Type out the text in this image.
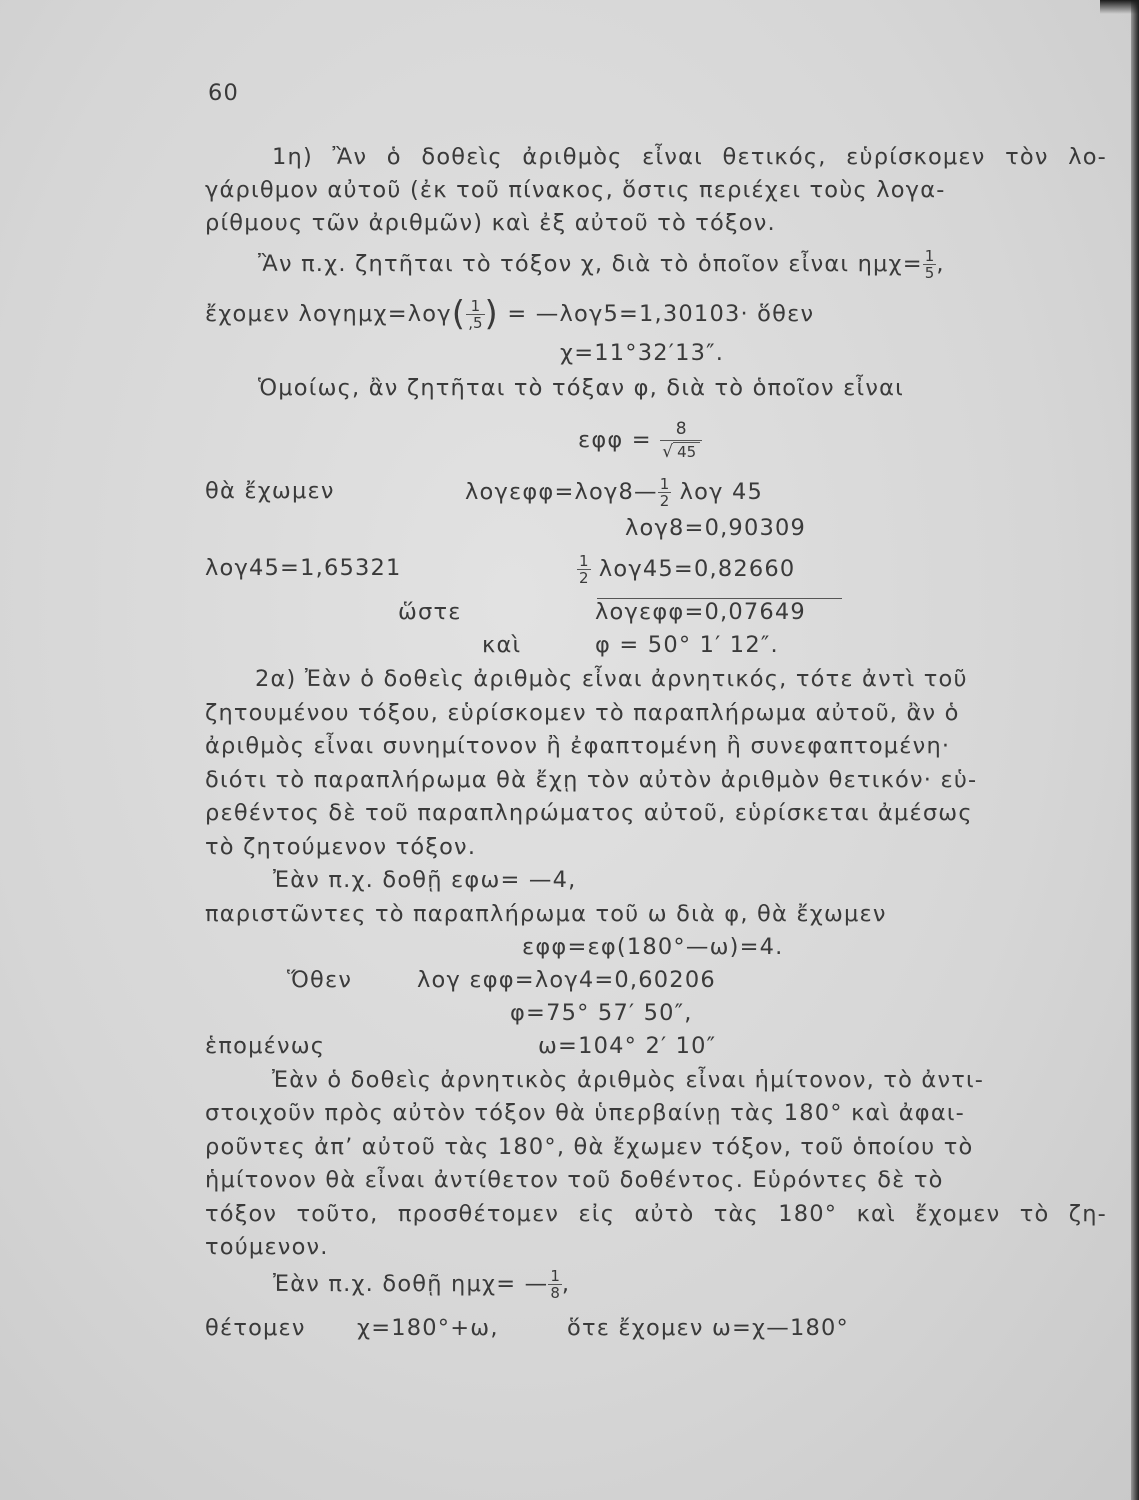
60
1η) Ἂν ὁ δοθεὶς ἀριθμὸς εἶναι θετικός, εὑρίσκομεν τὸν λο-
γάριθμον αὐτοῦ (ἐκ τοῦ πίνακος, ὅστις περιέχει τοὺς λογα-
ρίθμους τῶν ἀριθμῶν) καὶ ἐξ αὐτοῦ τὸ τόξον.
Ἂν π.χ. ζητῆται τὸ τόξον χ, διὰ τὸ ὁποῖον εἶναι $\eta\mu\chi= \frac{1}{5}$ ,
ἔχομεν $\lambda o\gamma\eta\mu\chi=\lambda o\gamma( \frac{1}{,5}$ ) = —λογ5=1,30103· ὅθεν
χ=11°32′13″.
Ὁμοίως, ἂν ζητῆται τὸ τόξαν φ, διὰ τὸ ὁποῖον εἶναι
$\varepsilon\varphi\varphi = \frac{8}{√ 45}$
θὰ ἔχωμεν	λογεφφ=λογ8— $\frac{1}{2}$ λογ 45
λογ8=0,90309
λογ45=1,65321	$\frac{1}{2} \lambda o\gamma 45=0,82660$
ὥστε	λογεφφ=0,07649
καὶ	φ = 50° 1′ 12″.
2α) Ἐὰν ὁ δοθεὶς ἀριθμὸς εἶναι ἀρνητικός, τότε ἀντὶ τοῦ
ζητουμένου τόξου, εὑρίσκομεν τὸ παραπλήρωμα αὐτοῦ, ἂν ὁ
ἀριθμὸς εἶναι συνημίτονον ἢ ἐφαπτομένη ἢ συνεφαπτομένη·
διότι τὸ παραπλήρωμα θὰ ἔχῃ τὸν αὐτὸν ἀριθμὸν θετικόν· εὑ-
ρεθέντος δὲ τοῦ παραπληρώματος αὐτοῦ, εὑρίσκεται ἀμέσως
τὸ ζητούμενον τόξον.
Ἐὰν π.χ. δοθῇ εφω= —4,
παριστῶντες τὸ παραπλήρωμα τοῦ ω διὰ φ, θὰ ἔχωμεν
εφφ=εφ(180°—ω)=4.
Ὅθεν	λογ εφφ=λογ4=0,60206
φ=75° 57′ 50″,
ἑπομένως	ω=104° 2′ 10″
Ἐὰν ὁ δοθεὶς ἀρνητικὸς ἀριθμὸς εἶναι ἡμίτονον, τὸ ἀντι-
στοιχοῦν πρὸς αὐτὸν τόξον θὰ ὑπερβαίνῃ τὰς 180° καὶ ἀφαι-
ροῦντες ἀπ’ αὐτοῦ τὰς 180°, θὰ ἔχωμεν τόξον, τοῦ ὁποίου τὸ
ἡμίτονον θὰ εἶναι ἀντίθετον τοῦ δοθέντος. Εὑρόντες δὲ τὸ
τόξον τοῦτο, προσθέτομεν εἰς αὐτὸ τὰς 180° καὶ ἔχομεν τὸ ζη-
τούμενον.
Ἐὰν π.χ. δοθῇ ημχ= — $\frac{1}{8}$ ,
θέτομεν χ=180°+ω,	ὅτε ἔχομεν ω=χ—180°
